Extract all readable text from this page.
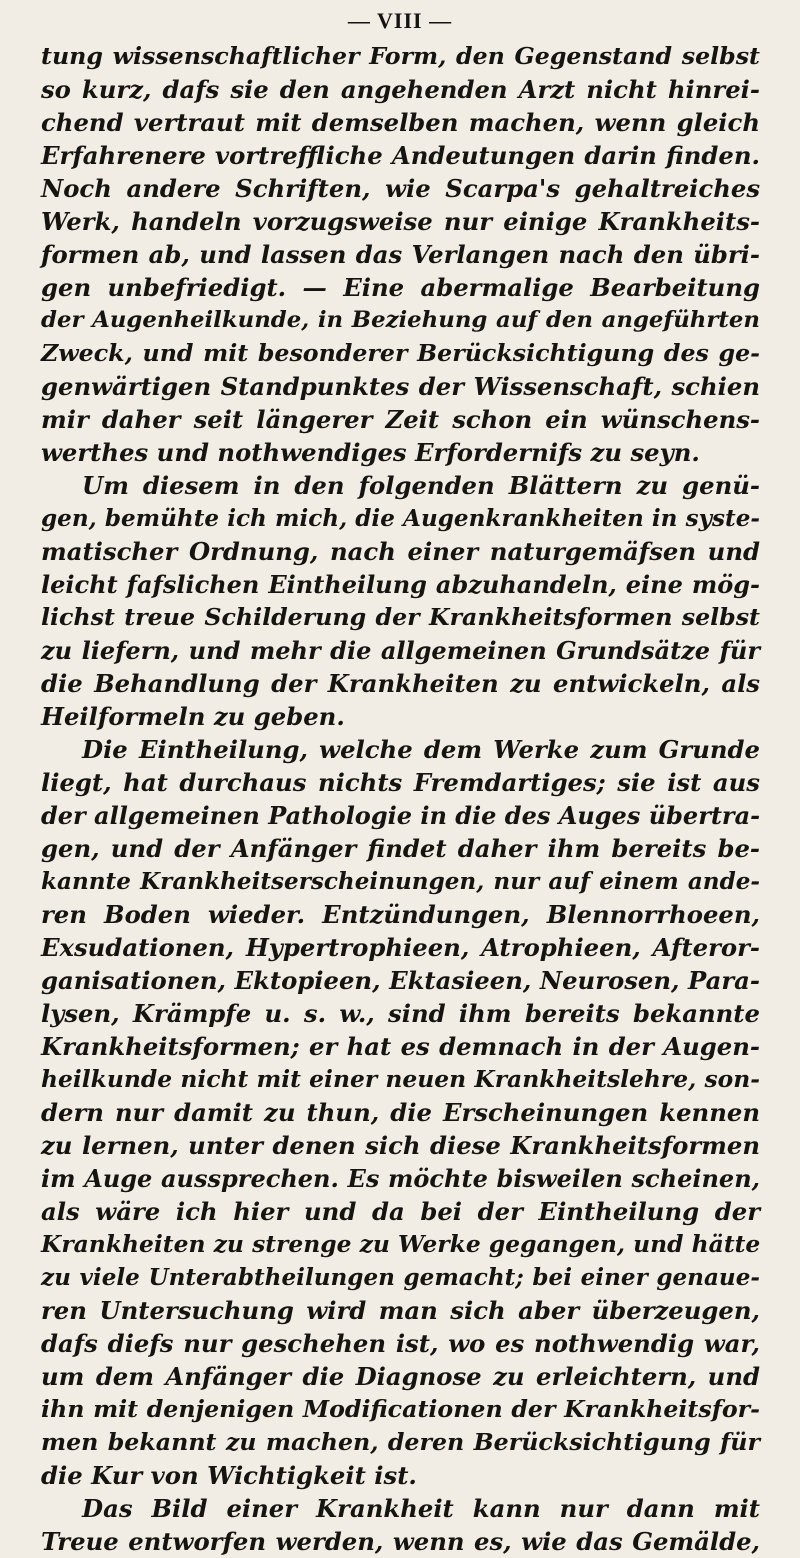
— VIII —
tung wissenschaftlicher Form, den Gegenstand selbst
so kurz, dafs sie den angehenden Arzt nicht hinrei-
chend vertraut mit demselben machen, wenn gleich
Erfahrenere vortreffliche Andeutungen darin finden.
Noch andere Schriften, wie Scarpa's gehaltreiches
Werk, handeln vorzugsweise nur einige Krankheits-
formen ab, und lassen das Verlangen nach den übri-
gen unbefriedigt. — Eine abermalige Bearbeitung
der Augenheilkunde, in Beziehung auf den angeführten
Zweck, und mit besonderer Berücksichtigung des ge-
genwärtigen Standpunktes der Wissenschaft, schien
mir daher seit längerer Zeit schon ein wünschens-
werthes und nothwendiges Erfordernifs zu seyn.
Um diesem in den folgenden Blättern zu genü-
gen, bemühte ich mich, die Augenkrankheiten in syste-
matischer Ordnung, nach einer naturgemäfsen und
leicht fafslichen Eintheilung abzuhandeln, eine mög-
lichst treue Schilderung der Krankheitsformen selbst
zu liefern, und mehr die allgemeinen Grundsätze für
die Behandlung der Krankheiten zu entwickeln, als
Heilformeln zu geben.
Die Eintheilung, welche dem Werke zum Grunde
liegt, hat durchaus nichts Fremdartiges; sie ist aus
der allgemeinen Pathologie in die des Auges übertra-
gen, und der Anfänger findet daher ihm bereits be-
kannte Krankheitserscheinungen, nur auf einem ande-
ren Boden wieder. Entzündungen, Blennorrhoeen,
Exsudationen, Hypertrophieen, Atrophieen, Afteror-
ganisationen, Ektopieen, Ektasieen, Neurosen, Para-
lysen, Krämpfe u. s. w., sind ihm bereits bekannte
Krankheitsformen; er hat es demnach in der Augen-
heilkunde nicht mit einer neuen Krankheitslehre, son-
dern nur damit zu thun, die Erscheinungen kennen
zu lernen, unter denen sich diese Krankheitsformen
im Auge aussprechen. Es möchte bisweilen scheinen,
als wäre ich hier und da bei der Eintheilung der
Krankheiten zu strenge zu Werke gegangen, und hätte
zu viele Unterabtheilungen gemacht; bei einer genaue-
ren Untersuchung wird man sich aber überzeugen,
dafs diefs nur geschehen ist, wo es nothwendig war,
um dem Anfänger die Diagnose zu erleichtern, und
ihn mit denjenigen Modificationen der Krankheitsfor-
men bekannt zu machen, deren Berücksichtigung für
die Kur von Wichtigkeit ist.
Das Bild einer Krankheit kann nur dann mit
Treue entworfen werden, wenn es, wie das Gemälde,
